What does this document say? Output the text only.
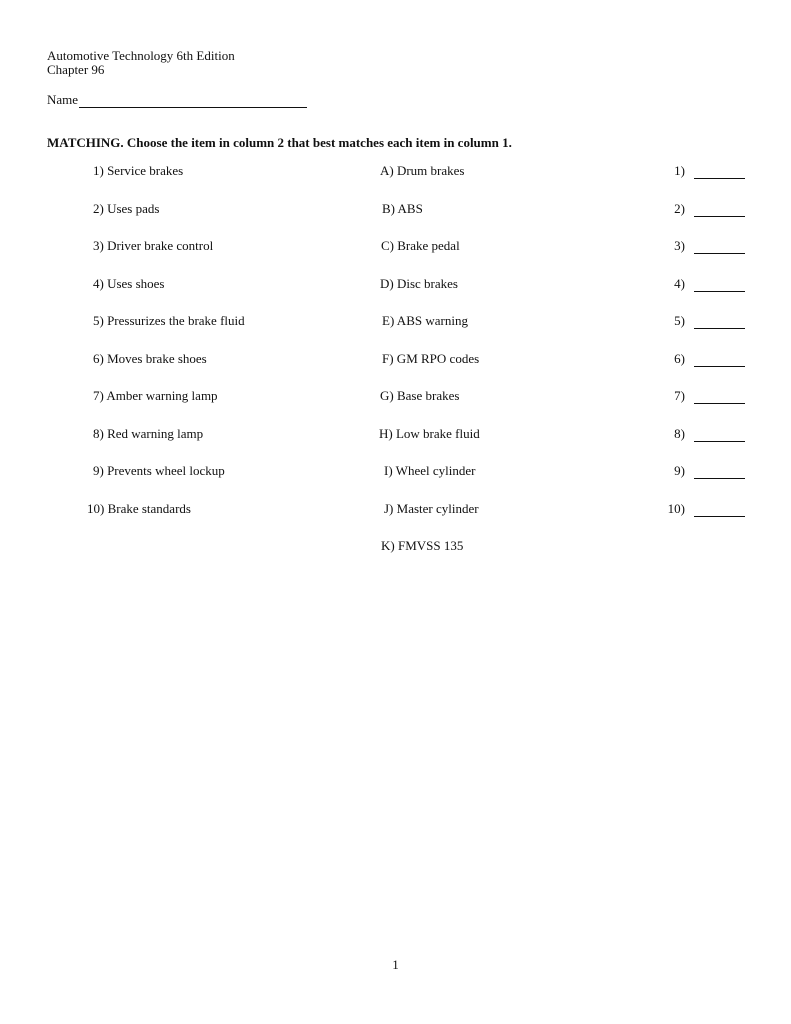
Automotive Technology 6th Edition
Chapter 96
Name
MATCHING. Choose the item in column 2 that best matches each item in column 1.
1) Service brakes
2) Uses pads
3) Driver brake control
4) Uses shoes
5) Pressurizes the brake fluid
6) Moves brake shoes
7) Amber warning lamp
8) Red warning lamp
9) Prevents wheel lockup
10) Brake standards
A) Drum brakes
B) ABS
C) Brake pedal
D) Disc brakes
E) ABS warning
F) GM RPO codes
G) Base brakes
H) Low brake fluid
I) Wheel cylinder
J) Master cylinder
K) FMVSS 135
1)
2)
3)
4)
5)
6)
7)
8)
9)
10)
1
